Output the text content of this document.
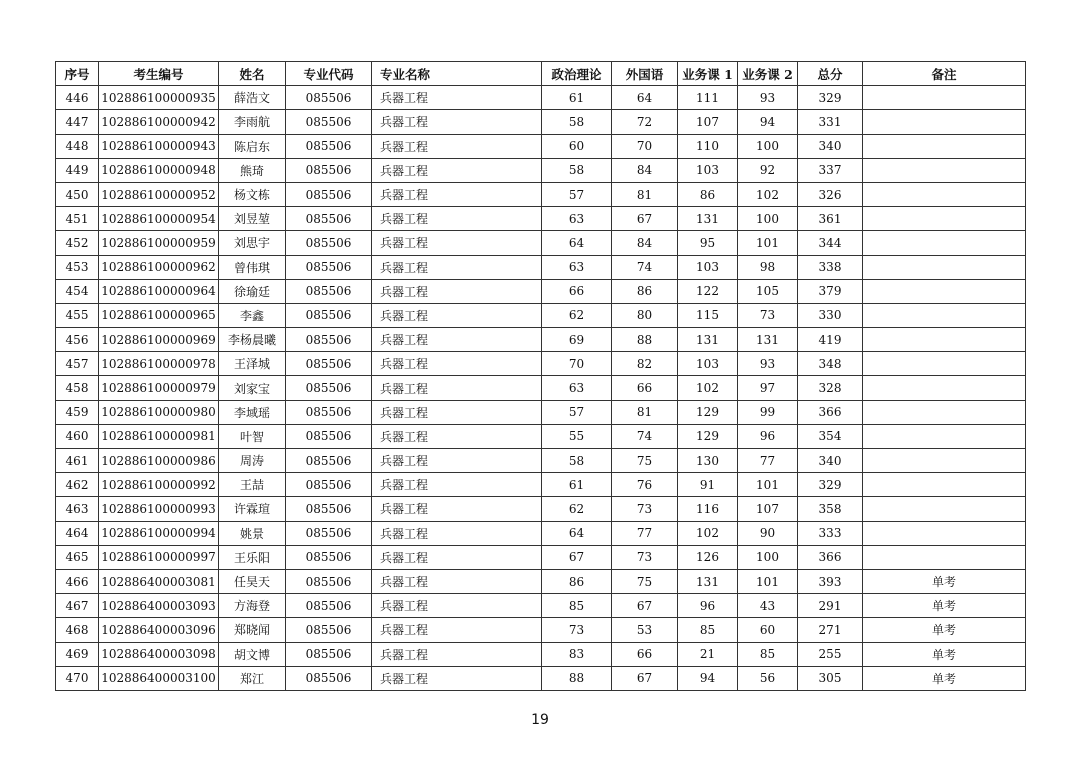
序号	考生编号	姓名	专业代码	专业名称	政治理论	外国语	业务课 1	业务课 2	总分	备注
446	102886100000935	薛浩文	085506	兵器工程	61	64	111	93	329	
447	102886100000942	李雨航	085506	兵器工程	58	72	107	94	331	
448	102886100000943	陈启东	085506	兵器工程	60	70	110	100	340	
449	102886100000948	熊琦	085506	兵器工程	58	84	103	92	337	
450	102886100000952	杨文栋	085506	兵器工程	57	81	86	102	326	
451	102886100000954	刘昱堃	085506	兵器工程	63	67	131	100	361	
452	102886100000959	刘思宇	085506	兵器工程	64	84	95	101	344	
453	102886100000962	曾伟琪	085506	兵器工程	63	74	103	98	338	
454	102886100000964	徐瑜廷	085506	兵器工程	66	86	122	105	379	
455	102886100000965	李鑫	085506	兵器工程	62	80	115	73	330	
456	102886100000969	李杨晨曦	085506	兵器工程	69	88	131	131	419	
457	102886100000978	王泽城	085506	兵器工程	70	82	103	93	348	
458	102886100000979	刘家宝	085506	兵器工程	63	66	102	97	328	
459	102886100000980	李域瑶	085506	兵器工程	57	81	129	99	366	
460	102886100000981	叶智	085506	兵器工程	55	74	129	96	354	
461	102886100000986	周涛	085506	兵器工程	58	75	130	77	340	
462	102886100000992	王喆	085506	兵器工程	61	76	91	101	329	
463	102886100000993	许霖瑄	085506	兵器工程	62	73	116	107	358	
464	102886100000994	姚景	085506	兵器工程	64	77	102	90	333	
465	102886100000997	王乐阳	085506	兵器工程	67	73	126	100	366	
466	102886400003081	任昊天	085506	兵器工程	86	75	131	101	393	单考
467	102886400003093	方海登	085506	兵器工程	85	67	96	43	291	单考
468	102886400003096	郑晓闻	085506	兵器工程	73	53	85	60	271	单考
469	102886400003098	胡文博	085506	兵器工程	83	66	21	85	255	单考
470	102886400003100	郑江	085506	兵器工程	88	67	94	56	305	单考
19
